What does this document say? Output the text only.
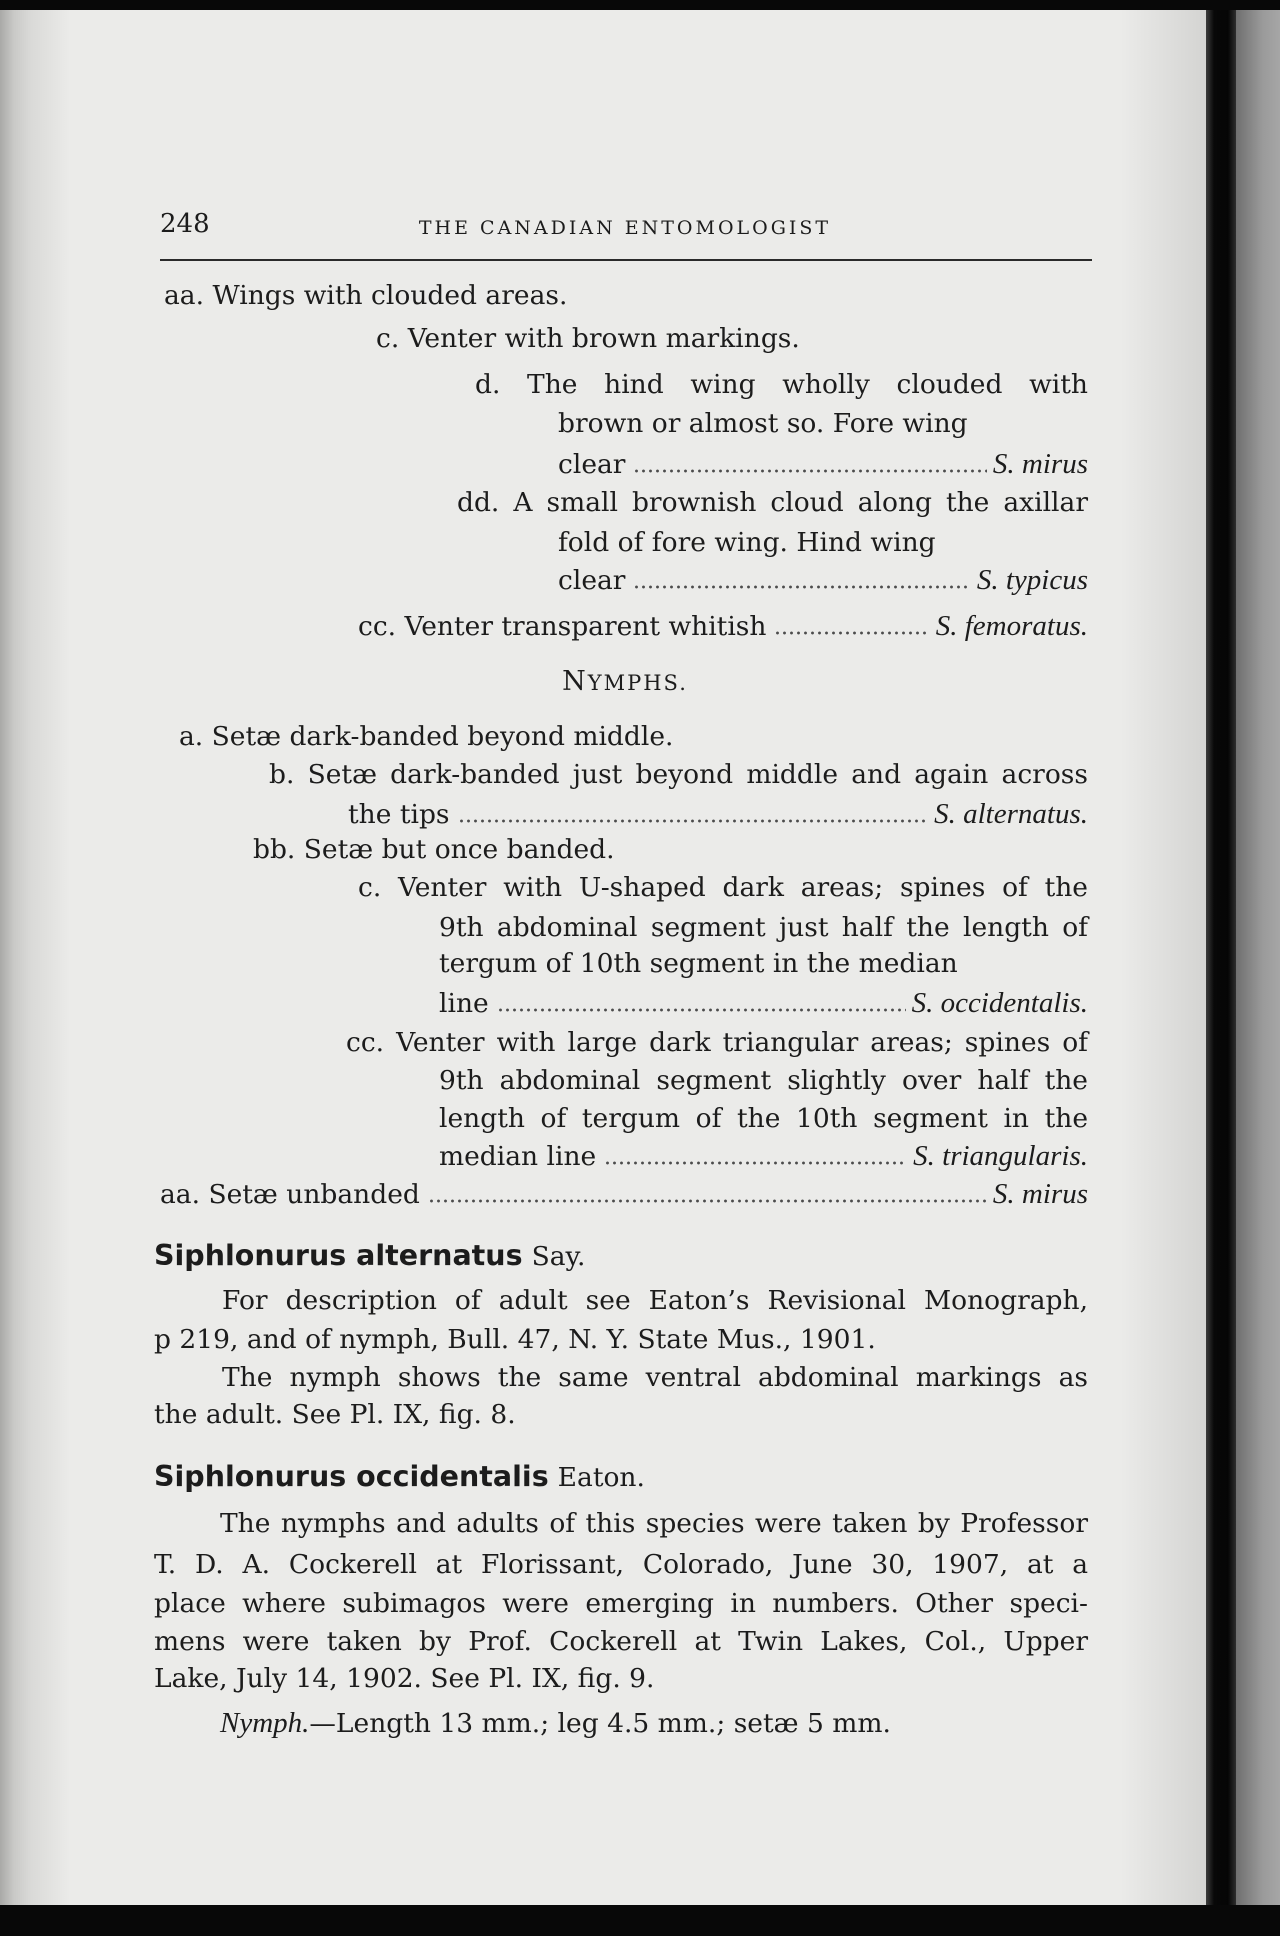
248	THE CANADIAN ENTOMOLOGIST
aa. Wings with clouded areas.
c. Venter with brown markings.
d. The hind wing wholly clouded with
brown or almost so. Fore wing
clear	S. mirus
dd. A small brownish cloud along the axillar
fold of fore wing. Hind wing
clear	S. typicus
cc. Venter transparent whitish	S. femoratus.
NYMPHS.
a. Setæ dark-banded beyond middle.
b. Setæ dark-banded just beyond middle and again across
the tips	S. alternatus.
bb. Setæ but once banded.
c. Venter with U-shaped dark areas; spines of the
9th abdominal segment just half the length of
tergum of 10th segment in the median
line	S. occidentalis.
cc. Venter with large dark triangular areas; spines of
9th abdominal segment slightly over half the
length of tergum of the 10th segment in the
median line	S. triangularis.
aa. Setæ unbanded	S. mirus
Siphlonurus alternatus Say.
For description of adult see Eaton’s Revisional Monograph,
p 219, and of nymph, Bull. 47, N. Y. State Mus., 1901.
The nymph shows the same ventral abdominal markings as
the adult. See Pl. IX, fig. 8.
Siphlonurus occidentalis Eaton.
The nymphs and adults of this species were taken by Professor
T. D. A. Cockerell at Florissant, Colorado, June 30, 1907, at a
place where subimagos were emerging in numbers. Other speci-
mens were taken by Prof. Cockerell at Twin Lakes, Col., Upper
Lake, July 14, 1902. See Pl. IX, fig. 9.
Nymph.—Length 13 mm.; leg 4.5 mm.; setæ 5 mm.
